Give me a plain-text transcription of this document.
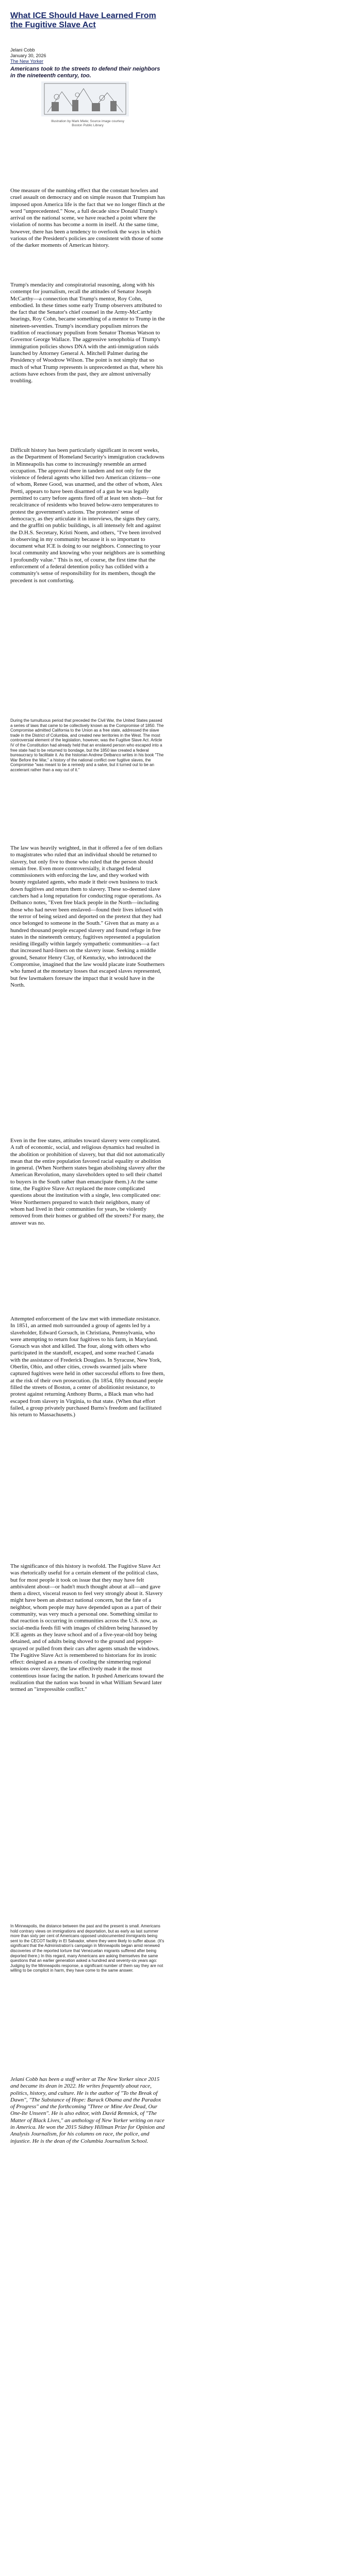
What ICE Should Have Learned From the Fugitive Slave Act
Jelani Cobb
January 30, 2026
The New Yorker

Americans took to the streets to defend their neighbors in the nineteenth century, too.

Illustration by Mark Miele; Source image courtesy
Boston Public Library

One measure of the numbing effect that the constant howlers and cruel assault on democracy and on simple reason that Trumpism has imposed upon America life is the fact that we no longer flinch at the word "unprecedented." Now, a full decade since Donald Trump's arrival on the national scene, we have reached a point where the violation of norms has become a norm in itself. At the same time, however, there has been a tendency to overlook the ways in which various of the President's policies are consistent with those of some of the darker moments of American history.

Trump's mendacity and conspiratorial reasoning, along with his contempt for journalism, recall the attitudes of Senator Joseph McCarthy—a connection that Trump's mentor, Roy Cohn, embodied. In these times some early Trump observers attributed to the fact that the Senator's chief counsel in the Army-McCarthy hearings, Roy Cohn, became something of a mentor to Trump in the nineteen-seventies. Trump's incendiary populism mirrors the tradition of reactionary populism from Senator Thomas Watson to Governor George Wallace. The aggressive xenophobia of Trump's immigration policies shows DNA with the anti-immigration raids launched by Attorney General A. Mitchell Palmer during the Presidency of Woodrow Wilson. The point is not simply that so much of what Trump represents is unprecedented as that, where his actions have echoes from the past, they are almost universally troubling.

Difficult history has been particularly significant in recent weeks, as the Department of Homeland Security's immigration crackdowns in Minneapolis has come to increasingly resemble an armed occupation. The approval there in tandem and not only for the violence of federal agents who killed two American citizens—one of whom, Renee Good, was unarmed, and the other of whom, Alex Pretti, appears to have been disarmed of a gun he was legally permitted to carry before agents fired off at least ten shots—but for recalcitrance of residents who braved below-zero temperatures to protest the government's actions. The protesters' sense of democracy, as they articulate it in interviews, the signs they carry, and the graffiti on public buildings, is all intensely felt and against the D.H.S. Secretary, Kristi Noem, and others, "I've been involved in observing in my community because it is so important to document what ICE is doing to our neighbors. Connecting to your local community and knowing who your neighbors are is something I profoundly value." This is not, of course, the first time that the enforcement of a federal detention policy has collided with a community's sense of responsibility for its members, though the precedent is not comforting.

During the tumultuous period that preceded the Civil War, the United States passed a series of laws that came to be collectively known as the Compromise of 1850. The Compromise admitted California to the Union as a free state, addressed the slave trade in the District of Columbia, and created new territories in the West. The most controversial element of the legislation, however, was the Fugitive Slave Act. Article IV of the Constitution had already held that an enslaved person who escaped into a free state had to be returned to bondage, but the 1850 law created a federal bureaucracy to facilitate it. As the historian Andrew Delbanco writes in his book "The War Before the War," a history of the national conflict over fugitive slaves, the Compromise "was meant to be a remedy and a salve, but it turned out to be an accelerant rather than a way out of it."

The law was heavily weighted, in that it offered a fee of ten dollars to magistrates who ruled that an individual should be returned to slavery, but only five to those who ruled that the person should remain free. Even more controversially, it charged federal commissioners with enforcing the law, and they worked with bounty regulated agents, who made it their own business to track down fugitives and return them to slavery. These so-deemed slave catchers had a long reputation for conducting rogue operations. As Delbanco notes, "Even free black people in the North—including those who had never been enslaved—found their lives infused with the terror of being seized and deported on the pretext that they had once belonged to someone in the South." Given that as many as a hundred thousand people escaped slavery and found refuge in free states in the nineteenth century, fugitives represented a population residing illegally within largely sympathetic communities—a fact that increased hard-liners on the slavery issue. Seeking a middle ground, Senator Henry Clay, of Kentucky, who introduced the Compromise, imagined that the law would placate irate Southerners who fumed at the monetary losses that escaped slaves represented, but few lawmakers foresaw the impact that it would have in the North.

Even in the free states, attitudes toward slavery were complicated. A raft of economic, social, and religious dynamics had resulted in the abolition or prohibition of slavery, but that did not automatically mean that the entire population favored racial equality or abolition in general. (When Northern states began abolishing slavery after the American Revolution, many slaveholders opted to sell their chattel to buyers in the South rather than emancipate them.) At the same time, the Fugitive Slave Act replaced the more complicated questions about the institution with a single, less complicated one: Were Northerners prepared to watch their neighbors, many of whom had lived in their communities for years, be violently removed from their homes or grabbed off the streets? For many, the answer was no.

Attempted enforcement of the law met with immediate resistance. In 1851, an armed mob surrounded a group of agents led by a slaveholder, Edward Gorsuch, in Christiana, Pennsylvania, who were attempting to return four fugitives to his farm, in Maryland. Gorsuch was shot and killed. The four, along with others who participated in the standoff, escaped, and some reached Canada with the assistance of Frederick Douglass. In Syracuse, New York, Oberlin, Ohio, and other cities, crowds swarmed jails where captured fugitives were held in other successful efforts to free them, at the risk of their own prosecution. (In 1854, fifty thousand people filled the streets of Boston, a center of abolitionist resistance, to protest against returning Anthony Burns, a Black man who had escaped from slavery in Virginia, to that state. (When that effort failed, a group privately purchased Burns's freedom and facilitated his return to Massachusetts.)

The significance of this history is twofold. The Fugitive Slave Act was rhetorically useful for a certain element of the political class, but for most people it took on issue that they may have felt ambivalent about—or hadn't much thought about at all—and gave them a direct, visceral reason to feel very strongly about it. Slavery might have been an abstract national concern, but the fate of a neighbor, whom people may have depended upon as a part of their community, was very much a personal one. Something similar to that reaction is occurring in communities across the U.S. now, as social-media feeds fill with images of children being harassed by ICE agents as they leave school and of a five-year-old boy being detained, and of adults being shoved to the ground and pepper-sprayed or pulled from their cars after agents smash the windows. The Fugitive Slave Act is remembered to historians for its ironic effect: designed as a means of cooling the simmering regional tensions over slavery, the law effectively made it the most contentious issue facing the nation. It pushed Americans toward the realization that the nation was bound in what William Seward later termed an "irrepressible conflict."

In Minneapolis, the distance between the past and the present is small. Americans hold contrary views on immigrations and deportation, but as early as last summer more than sixty per cent of Americans opposed undocumented immigrants being sent to the CECOT facility in El Salvador, where they were likely to suffer abuse. (It's significant that the Administration's campaign in Minneapolis began amid renewed discoveries of the reported torture that Venezuelan migrants suffered after being deported there.) In this regard, many Americans are asking themselves the same questions that an earlier generation asked a hundred and seventy-six years ago: Judging by the Minneapolis response, a significant number of them say they are not willing to be complicit in harm, they have come to the same answer.

Jelani Cobb has been a staff writer at The New Yorker since 2015 and became its dean in 2022. He writes frequently about race, politics, history, and culture. He is the author of "To the Break of Dawn", "The Substance of Hope: Barack Obama and the Paradox of Progress" and the forthcoming "Three or Mine Are Dead, Our One-Ite Unseen". He is also editor, with David Remnick, of "The Matter of Black Lives," an anthology of New Yorker writing on race in America. He won the 2015 Sidney Hillman Prize for Opinion and Analysis Journalism, for his columns on race, the police, and injustice. He is the dean of the Columbia Journalism School.
